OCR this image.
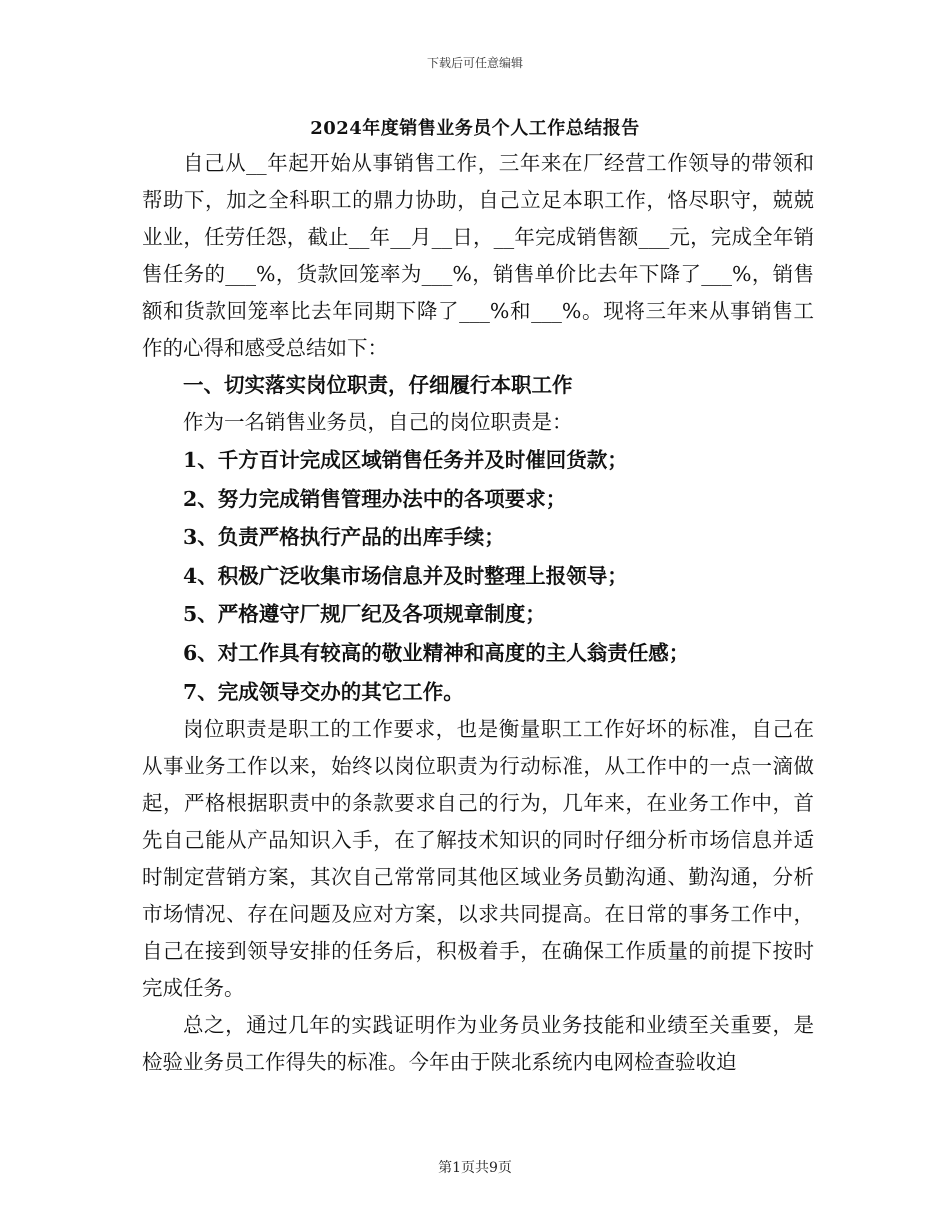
下载后可任意编辑
2024年度销售业务员个人工作总结报告

自己从__年起开始从事销售工作，三年来在厂经营工作领导的带领和帮助下，加之全科职工的鼎力协助，自己立足本职工作，恪尽职守，兢兢业业，任劳任怨，截止__年__月__日，__年完成销售额___元，完成全年销售任务的___%，货款回笼率为___%，销售单价比去年下降了___%，销售额和货款回笼率比去年同期下降了___%和___%。现将三年来从事销售工作的心得和感受总结如下：

一、切实落实岗位职责，仔细履行本职工作

作为一名销售业务员，自己的岗位职责是：

1、千方百计完成区域销售任务并及时催回货款；

2、努力完成销售管理办法中的各项要求；

3、负责严格执行产品的出库手续；

4、积极广泛收集市场信息并及时整理上报领导；

5、严格遵守厂规厂纪及各项规章制度；

6、对工作具有较高的敬业精神和高度的主人翁责任感；

7、完成领导交办的其它工作。

岗位职责是职工的工作要求，也是衡量职工工作好坏的标准，自己在从事业务工作以来，始终以岗位职责为行动标准，从工作中的一点一滴做起，严格根据职责中的条款要求自己的行为，几年来，在业务工作中，首先自己能从产品知识入手，在了解技术知识的同时仔细分析市场信息并适时制定营销方案，其次自己常常同其他区域业务员勤沟通、勤沟通，分析市场情况、存在问题及应对方案，以求共同提高。在日常的事务工作中，自己在接到领导安排的任务后，积极着手，在确保工作质量的前提下按时完成任务。

总之，通过几年的实践证明作为业务员业务技能和业绩至关重要，是检验业务员工作得失的标准。今年由于陕北系统内电网检查验收迫

第1页共9页
